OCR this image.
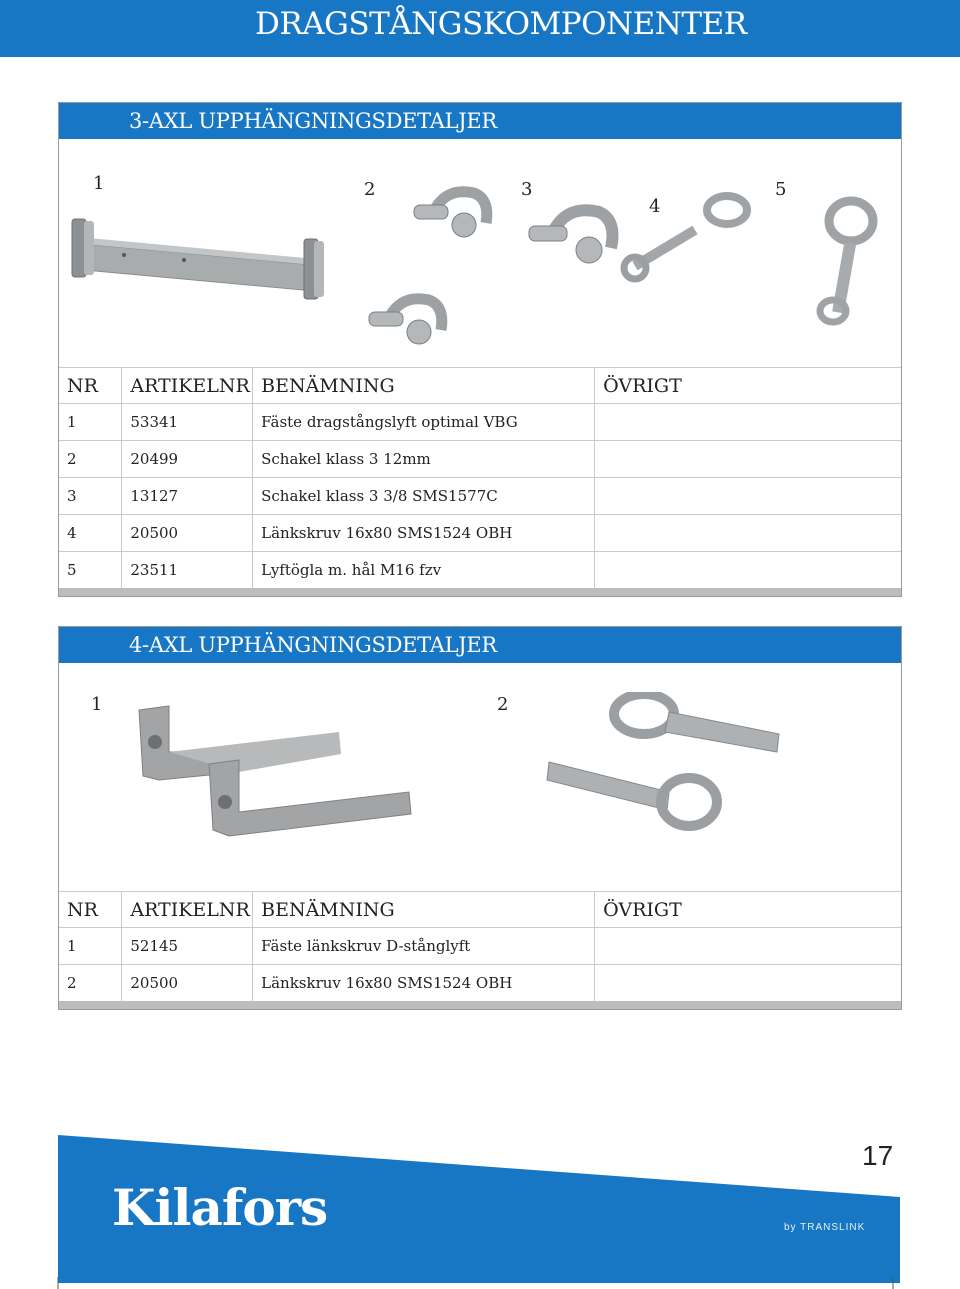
DRAGSTÅNGSKOMPONENTER
3-AXL UPPHÄNGNINGSDETALJER
1	2	3
4
5
NR	ARTIKELNR	BENÄMNING	ÖVRIGT
1	53341	Fäste dragstångslyft optimal VBG	
2	20499	Schakel klass 3 12mm	
3	13127	Schakel klass 3 3/8 SMS1577C	
4	20500	Länkskruv 16x80 SMS1524 OBH	
5	23511	Lyftögla m. hål M16 fzv	
4-AXL UPPHÄNGNINGSDETALJER
1	2
NR	ARTIKELNR	BENÄMNING	ÖVRIGT
1	52145	Fäste länkskruv D-stånglyft	
2	20500	Länkskruv 16x80 SMS1524 OBH	
Kilafors	by TRANSLINK
17
